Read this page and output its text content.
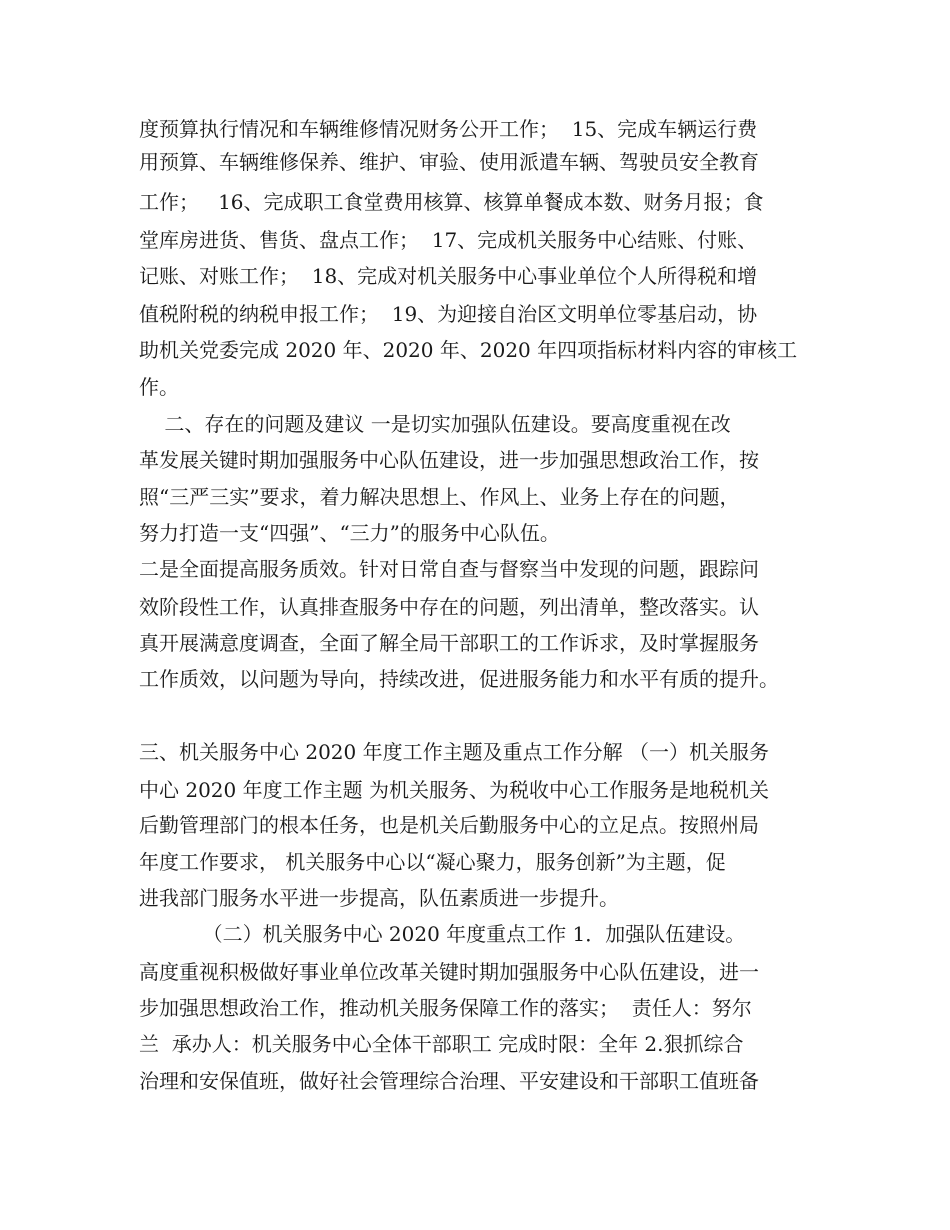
度预算执行情况和车辆维修情况财务公开工作；  15、完成车辆运行费
用预算、车辆维修保养、维护、审验、使用派遣车辆、驾驶员安全教育
工作；   16、完成职工食堂费用核算、核算单餐成本数、财务月报；食
堂库房进货、售货、盘点工作；  17、完成机关服务中心结账、付账、
记账、对账工作；  18、完成对机关服务中心事业单位个人所得税和增
值税附税的纳税申报工作；  19、为迎接自治区文明单位零基启动，协
助机关党委完成 2020 年、2020 年、2020 年四项指标材料内容的审核工
作。
二、存在的问题及建议 一是切实加强队伍建设。要高度重视在改
革发展关键时期加强服务中心队伍建设，进一步加强思想政治工作，按
照“三严三实”要求，着力解决思想上、作风上、业务上存在的问题，
努力打造一支“四强”、“三力”的服务中心队伍。
二是全面提高服务质效。针对日常自查与督察当中发现的问题，跟踪问
效阶段性工作，认真排查服务中存在的问题，列出清单，整改落实。认
真开展满意度调查，全面了解全局干部职工的工作诉求，及时掌握服务
工作质效，以问题为导向，持续改进，促进服务能力和水平有质的提升。
三、机关服务中心 2020 年度工作主题及重点工作分解 （一）机关服务
中心 2020 年度工作主题 为机关服务、为税收中心工作服务是地税机关
后勤管理部门的根本任务，也是机关后勤服务中心的立足点。按照州局
年度工作要求， 机关服务中心以“凝心聚力，服务创新”为主题，促
进我部门服务水平进一步提高，队伍素质进一步提升。
（二）机关服务中心 2020 年度重点工作 1．加强队伍建设。
高度重视积极做好事业单位改革关键时期加强服务中心队伍建设，进一
步加强思想政治工作，推动机关服务保障工作的落实；  责任人：努尔
兰  承办人：机关服务中心全体干部职工 完成时限：全年 2.狠抓综合
治理和安保值班，做好社会管理综合治理、平安建设和干部职工值班备
